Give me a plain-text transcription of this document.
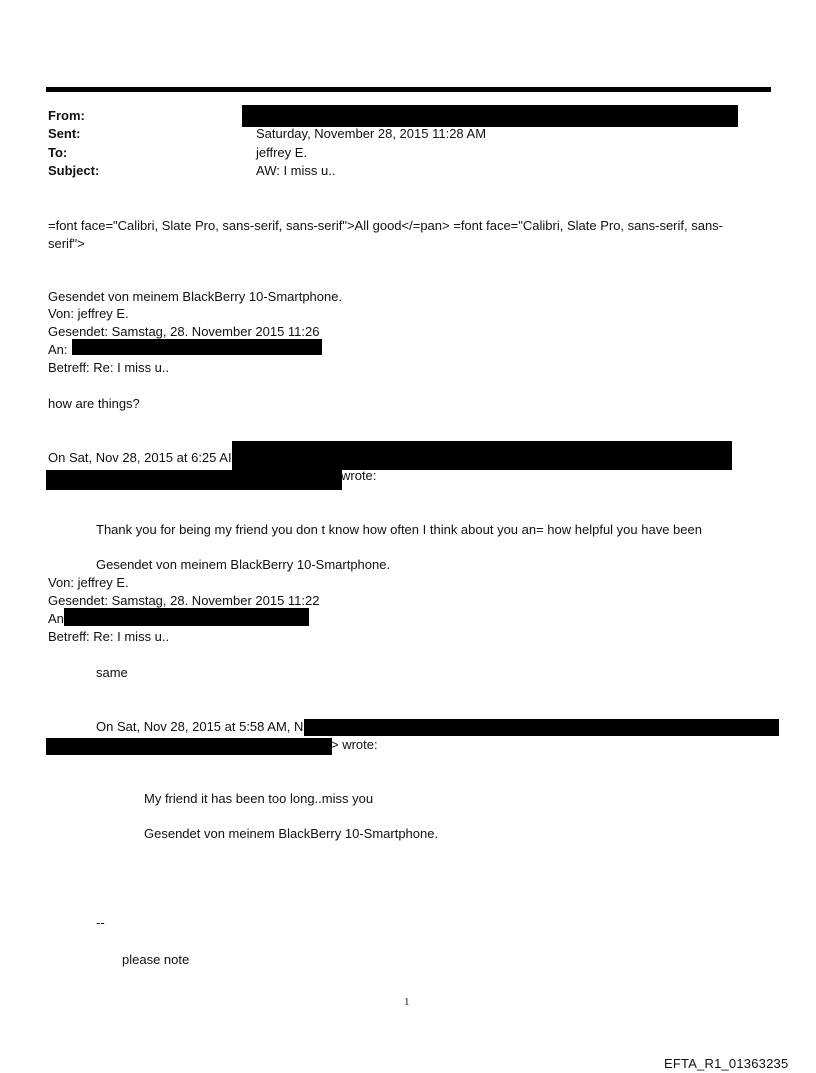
From:
Sent:	Saturday, November 28, 2015 11:28 AM
To:	jeffrey E.
Subject:	AW: I miss u..
=font face="Calibri, Slate Pro, sans-serif, sans-serif">All good</=pan> =font face="Calibri, Slate Pro, sans-serif, sans-
serif">
Gesendet von meinem BlackBerry 10-Smartphone.
Von: jeffrey E.
Gesendet: Samstag, 28. November 2015 11:26
An:
Betreff: Re: I miss u..
how are things?
On Sat, Nov 28, 2015 at 6:25 AI
wrote:
Thank you for being my friend you don t know how often I think about you an= how helpful you have been
Gesendet von meinem BlackBerry 10-Smartphone.
Von: jeffrey E.
Gesendet: Samstag, 28. November 2015 11:22
An
Betreff: Re: I miss u..
same
On Sat, Nov 28, 2015 at 5:58 AM, N
> wrote:
My friend it has been too long..miss you
Gesendet von meinem BlackBerry 10-Smartphone.
--
please note
1
EFTA_R1_01363235
